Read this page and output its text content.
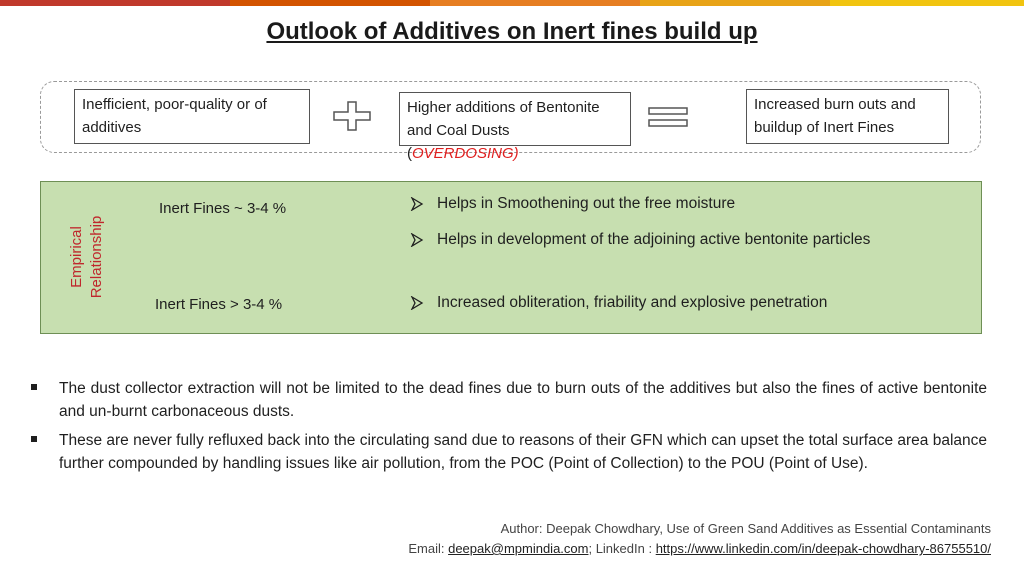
Outlook of Additives on Inert fines build up
Inefficient, poor-quality or of additives
Higher additions of Bentonite and Coal Dusts
(OVERDOSING)
Increased burn outs and buildup of Inert Fines
Empirical Relationship
Inert Fines ~ 3-4 %
Inert Fines > 3-4 %
Helps in Smoothening out the free moisture
Helps in development of the adjoining active bentonite particles
Increased obliteration, friability and explosive penetration
The dust collector extraction will not be limited to the dead fines due to burn outs of the additives but also the fines of active bentonite and un-burnt carbonaceous dusts.
These are never fully refluxed back into the circulating sand due to reasons of their GFN which can upset the total surface area balance further compounded by handling issues like air pollution, from the POC (Point of Collection) to the POU (Point of Use).
Author: Deepak Chowdhary, Use of Green Sand Additives as Essential Contaminants
Email: deepak@mpmindia.com; LinkedIn : https://www.linkedin.com/in/deepak-chowdhary-86755510/
